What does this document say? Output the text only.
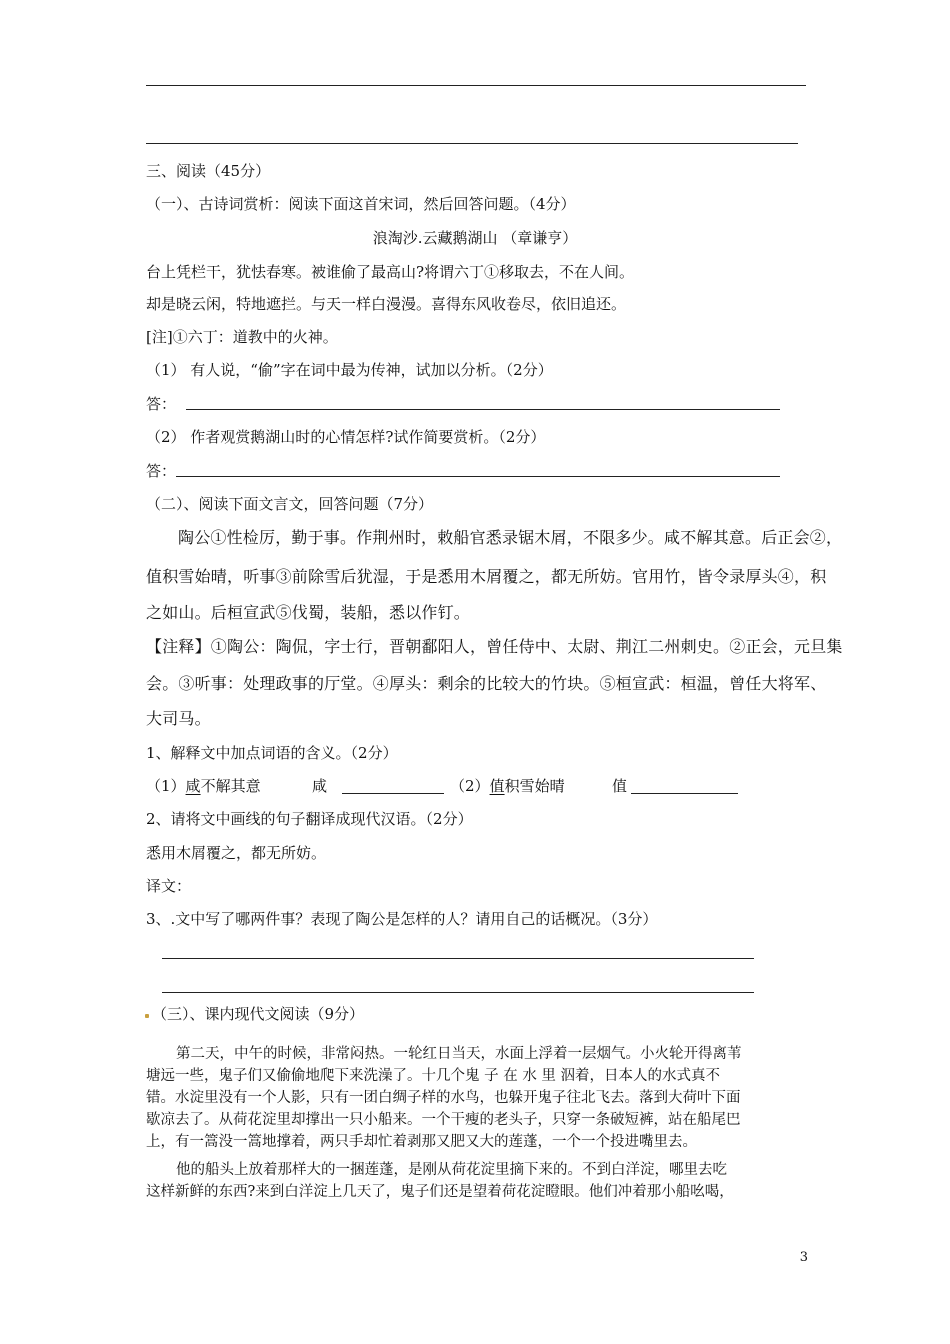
三、阅读（45分）
（一）、古诗词赏析：阅读下面这首宋词，然后回答问题。（4分）
浪淘沙.云藏鹅湖山 （章谦亨）
台上凭栏干，犹怯春寒。被谁偷了最高山?将谓六丁①移取去，不在人间。
却是晓云闲，特地遮拦。与天一样白漫漫。喜得东风收卷尽，依旧追还。
[注]①六丁：道教中的火神。
（1） 有人说，“偷”字在词中最为传神，试加以分析。（2分）
答：
（2） 作者观赏鹅湖山时的心情怎样?试作简要赏析。（2分）
答：
（二）、阅读下面文言文，回答问题（7分）
陶公①性检厉，勤于事。作荆州时，敕船官悉录锯木屑，不限多少。咸不解其意。后正会②，
值积雪始晴，听事③前除雪后犹湿，于是悉用木屑覆之，都无所妨。官用竹，皆令录厚头④，积
之如山。后桓宣武⑤伐蜀，装船，悉以作钉。
【注释】①陶公：陶侃，字士行，晋朝鄱阳人，曾任侍中、太尉、荆江二州刺史。②正会，元旦集
会。③听事：处理政事的厅堂。④厚头：剩余的比较大的竹块。⑤桓宣武：桓温，曾任大将军、
大司马。
1、解释文中加点词语的含义。（2分）
（1）咸不解其意	咸	（2）值积雪始晴	值
2、请将文中画线的句子翻译成现代汉语。（2分）
悉用木屑覆之，都无所妨。
译文：
3、.文中写了哪两件事？表现了陶公是怎样的人？请用自己的话概况。（3分）
（三）、课内现代文阅读（9分）
第二天，中午的时候，非常闷热。一轮红日当天，水面上浮着一层烟气。小火轮开得离苇
塘远一些，鬼子们又偷偷地爬下来洗澡了。十几个鬼 子 在 水 里 泅着，日本人的水式真不
错。水淀里没有一个人影，只有一团白绸子样的水鸟，也躲开鬼子往北飞去。落到大荷叶下面
歇凉去了。从荷花淀里却撑出一只小船来。一个干瘦的老头子，只穿一条破短裤，站在船尾巴
上，有一篙没一篙地撑着，两只手却忙着剥那又肥又大的莲蓬，一个一个投进嘴里去。
他的船头上放着那样大的一捆莲蓬，是刚从荷花淀里摘下来的。不到白洋淀，哪里去吃
这样新鲜的东西?来到白洋淀上几天了，鬼子们还是望着荷花淀瞪眼。他们冲着那小船吆喝，
3
